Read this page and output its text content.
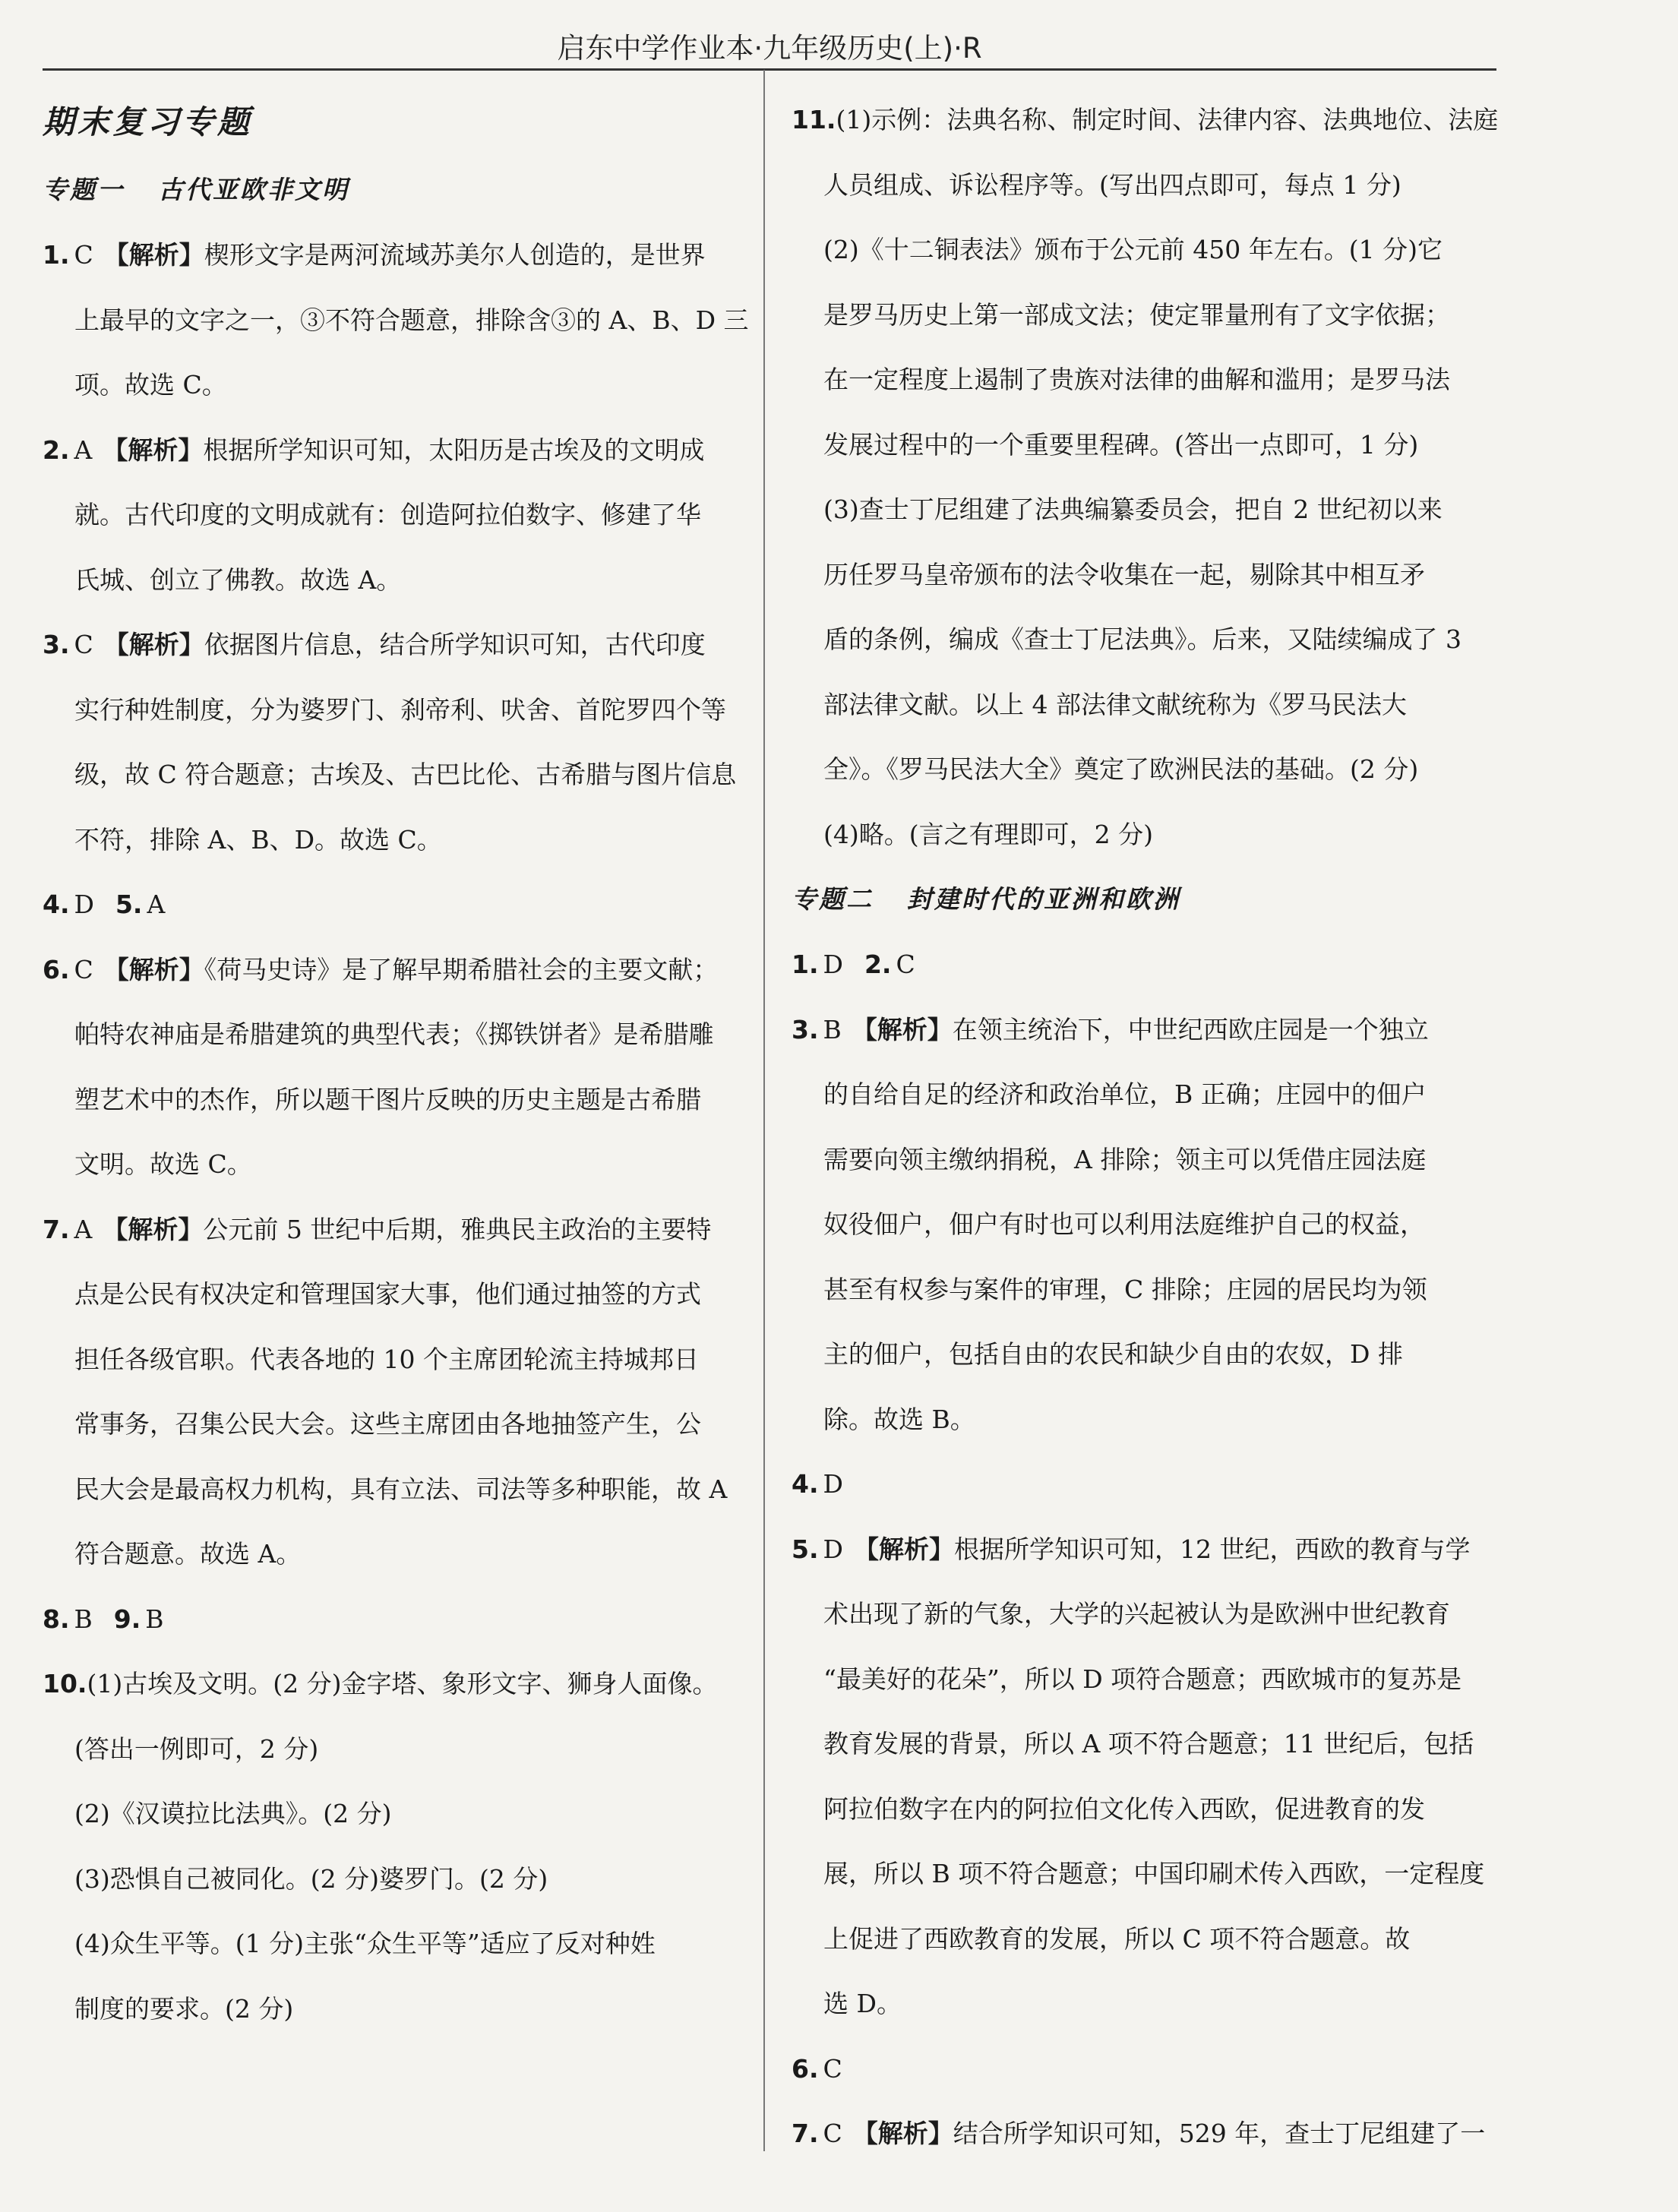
启东中学作业本·九年级历史(上)·R
期末复习专题
专题一 古代亚欧非文明
1. C 【解析】楔形文字是两河流域苏美尔人创造的，是世界
上最早的文字之一，③不符合题意，排除含③的 A、B、D 三
项。故选 C。
2. A 【解析】根据所学知识可知，太阳历是古埃及的文明成
就。古代印度的文明成就有：创造阿拉伯数字、修建了华
氏城、创立了佛教。故选 A。
3. C 【解析】依据图片信息，结合所学知识可知，古代印度
实行种姓制度，分为婆罗门、刹帝利、吠舍、首陀罗四个等
级，故 C 符合题意；古埃及、古巴比伦、古希腊与图片信息
不符，排除 A、B、D。故选 C。
4. D 5. A
6. C 【解析】《荷马史诗》是了解早期希腊社会的主要文献；
帕特农神庙是希腊建筑的典型代表；《掷铁饼者》是希腊雕
塑艺术中的杰作，所以题干图片反映的历史主题是古希腊
文明。故选 C。
7. A 【解析】公元前 5 世纪中后期，雅典民主政治的主要特
点是公民有权决定和管理国家大事，他们通过抽签的方式
担任各级官职。代表各地的 10 个主席团轮流主持城邦日
常事务，召集公民大会。这些主席团由各地抽签产生，公
民大会是最高权力机构，具有立法、司法等多种职能，故 A
符合题意。故选 A。
8. B 9. B
10.(1)古埃及文明。(2 分)金字塔、象形文字、狮身人面像。
(答出一例即可，2 分)
(2)《汉谟拉比法典》。(2 分)
(3)恐惧自己被同化。(2 分)婆罗门。(2 分)
(4)众生平等。(1 分)主张“众生平等”适应了反对种姓
制度的要求。(2 分)
11.(1)示例：法典名称、制定时间、法律内容、法典地位、法庭
人员组成、诉讼程序等。(写出四点即可，每点 1 分)
(2)《十二铜表法》颁布于公元前 450 年左右。(1 分)它
是罗马历史上第一部成文法；使定罪量刑有了文字依据；
在一定程度上遏制了贵族对法律的曲解和滥用；是罗马法
发展过程中的一个重要里程碑。(答出一点即可，1 分)
(3)查士丁尼组建了法典编纂委员会，把自 2 世纪初以来
历任罗马皇帝颁布的法令收集在一起，剔除其中相互矛
盾的条例，编成《查士丁尼法典》。后来，又陆续编成了 3
部法律文献。以上 4 部法律文献统称为《罗马民法大
全》。《罗马民法大全》奠定了欧洲民法的基础。(2 分)
(4)略。(言之有理即可，2 分)
专题二 封建时代的亚洲和欧洲
1. D 2. C
3. B 【解析】在领主统治下，中世纪西欧庄园是一个独立
的自给自足的经济和政治单位，B 正确；庄园中的佃户
需要向领主缴纳捐税，A 排除；领主可以凭借庄园法庭
奴役佃户，佃户有时也可以利用法庭维护自己的权益，
甚至有权参与案件的审理，C 排除；庄园的居民均为领
主的佃户，包括自由的农民和缺少自由的农奴，D 排
除。故选 B。
4. D
5. D 【解析】根据所学知识可知，12 世纪，西欧的教育与学
术出现了新的气象，大学的兴起被认为是欧洲中世纪教育
“最美好的花朵”，所以 D 项符合题意；西欧城市的复苏是
教育发展的背景，所以 A 项不符合题意；11 世纪后，包括
阿拉伯数字在内的阿拉伯文化传入西欧，促进教育的发
展，所以 B 项不符合题意；中国印刷术传入西欧，一定程度
上促进了西欧教育的发展，所以 C 项不符合题意。故
选 D。
6. C
7. C 【解析】结合所学知识可知，529 年，查士丁尼组建了一
